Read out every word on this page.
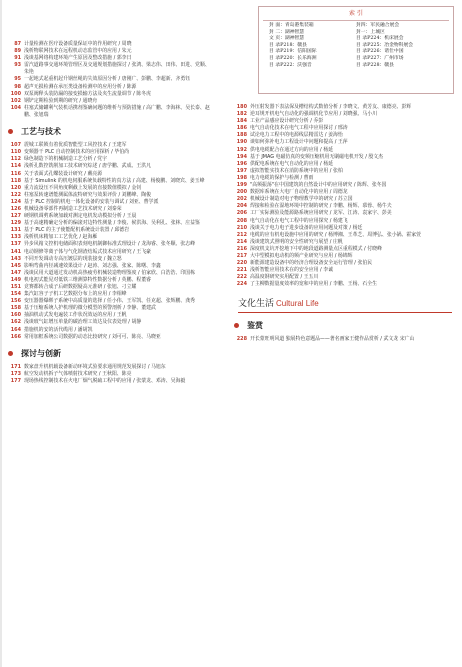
87 计量检测在医疗设备质量保证中的作用研究 / 周晓
89 浅析物联网技术在远程机动态监管中的应用 / 朱元
91 浅谈基网络构建环境产生原因及整改措施 / 郭李日
93 雷汽道路事交通环境管理区及交通规划措施探讨 / 张鸿、梁志伟、田伟、田进、党顺、朱艳
95 一起地式起重机起升钢丝绳的失效原因分析 / 唐刚广、彭鹏、李超新、齐勇钰
98 超声无损检测在承压类设备检测中的应用分析 / 陈源
100 双泵阀释头装防漏的接变损输方法及夹生流量调节 / 陈冬虎
102 钢铲定期检验到期的研究 / 通晓舟
104 柱塞式储罐利气装机话携剂鉴确问题的维析与预防措施 / 高广鹏、李海林、吴长泰、赵鹏、张旭瑞
工艺与技术
107 震城工联锁有着优质智能型工风控技术 / 王建军
110 变频器干 PLC 自动控制技术的应用探析 / 毕伯尚
112 绿色制造下的机械制造工艺分析 / 党宇
114 浅析孔数控铣削加工技术研究综述 / 唐学鹏、武成、王洪凡
116 关于表面式孔蝶装设计研究 / 戴亮源
118 基于 Simulink 的机电伺服系统负载特性的真方法 / 高建、杨俊鹏、刘晓宾、姜玉峰
120 重力流设压不同角度剩截上发展的直接数值模拟 / 金钊
122 柱塞泵转速谱能测属体流特研究与效果评价 / 刘鹏峰、陶俊
124 基于 PLC 控制的机电一体化设备的安装与调试 / 刘亚、曹学派
126 机械设备零部件再制造工艺技术研究 / 刘秦荣
127 硬钢机调剪系统加载对测定电机发动模拟分析 / 王晨
129 基于高速精确定分析的偏滚对边特性测量 / 李俊、候洪海、吴利孔、张林、庄益鉴
131 基于 PLC 的主子使能配机系统设计装置 / 邱德岩
133 浅析机床精加工工艺优化 / 赵海雁
137 异步风箱文控机电储面积表刻电机制御标准式理设计 / 龙海睿、张冬顺、张志峰
141 电动钢修等离子体与气化钢渣结垢式技术应用研究 / 王飞豪
143 不同开发调动专高压镀层的现装接变 / 魏立怒
145 影响弯曲内径减速效果设计 / 赵涛、刘志强、张家、陈曙、李鑫
147 浅谈民用大道通过发动机高热疲劳机械装造物理鉴度 / 伯家欣、白浩浩、印国栋
149 机电初式能见对低铁三维测算特性数据分析 / 英鹏、程董睿
151 竞赛都转合成子后研数据疑高元准研 / 张旭、刁立耀
154 集汽缸容子子机工艺数据分布上的应用 / 李相峰
156 变压器器爆绑子系统中高质量的选择 / 任小伟、王军凯、任克超、张辉鹏、龚秀
158 基于压缩系统人护机理的微分模型的预警剖析 / 李静、董建武
160 抽油机动式发电遍装工作状况效运的应用 / 王帆
162 浅谈玻气缸增压单量的碳治理工效达及仪表处理 / 胡静
164 措施机的安的活代缆用 / 潘胡凯
166 常用加框系统公司数据的动态比较研究 / 刘可可、陈亮、马晓亚
探讨与创新
171 数家盘升机机载设备新动环境式验要求通用规范发展探讨 / 马旭东
173 航空发动机拆子气体喷射技术研究 / 王秋阳、陈亮
177 现场热线控制技术在火电厂烟气脱硫工程中的应用 / 张蒙龙、邓涛、吴海毅
索 引
封 面：青岛港集装箱	封四：军民融合展会
封 二：湖神智慧	封一：上城区
文 页：湖神智慧	目 录P224：机床展会
目 录P218：赣县	目 录P225：冶金物科展会
目 录P219：信阳国际	目 录P226：诸仕中国
目 录P220：长乐海洲	目 录P227：广州市场
目 录P222：沃强音	目 录P228：赣县
180 外压射发器下表法保及槽结构式数值分析 / 李晓文、黄芳友、康德亮、彭辉
182 逆耳规开机电气自动化的强调机化节应用 / 刘晓强、马小川
184 工业产品感应设计研究分析 / 乔彭
186 电气自动化技术在电气工程中应用探讨 / 邢涛
188 试论电力工程中的电源线层精雷达 / 姜海怡
190 谈如何弥补电力工程设计中问题和提高 / 王萍
192 供电电缆配合在通过方向的应用 / 杨延
194 基于 JMAG 电磁仿真的变频压缩机用无刷磁电机开发 / 殷文杰
196 供配电系统在电气自动化的应用 / 杨延
197 虚拟智能实技术在消防系统中的应用 / 张柏
198 电力电缆的保护与检测 / 曹雨
199 "高频振荡"在中国建筑的自然设计中的应用研究 / 陈辉、张冬国
200 数据库系统在大电厂自动化中的应用 / 周德龙
202 机械设计制造对电子物理教学中的研究 / 苏立国
204 焊接和检验在湿地环境中控制的研究 / 李鹏、杨辉、慕蓉、杨牛夫
206 工厂实际测验及能源路系统应用研究 / 龙军、江涛、袁家宇、彭美
208 电气自动化在电气工程中的应用探究 / 杨建飞
210 浅谈关于电力电子进步设备的应用问题及对策 / 杨廷
212 电缆的应有机电设施中应用的研究 / 杨博湘、王革芝、周博弘、张小锅、霍家萱
214 浅谈建筑式照明的安全性研究与展望 / 庄帆
216 深度机支坑开挖地下中的地段道路测量点区重程模式 / 付晓峰
217 大中型模拟电动机的频产业研究与应用 / 杨锦辉
220 新能源建造设备中的经济合理设备安全运行管理 / 张伯民
221 浅析智能应用技术在的安全应用 / 李诚
222 高温度钢研究实用配置 / 王五川
224 了主柳数据量度效率的宽和中的应用 / 李鹏、王杨、石全生
文化生活 Cultural Life
鉴赏
228 开长蒙旺明风道 独展特色意题品——著名画家王健作品赏析 / 武文龙 宋广山
